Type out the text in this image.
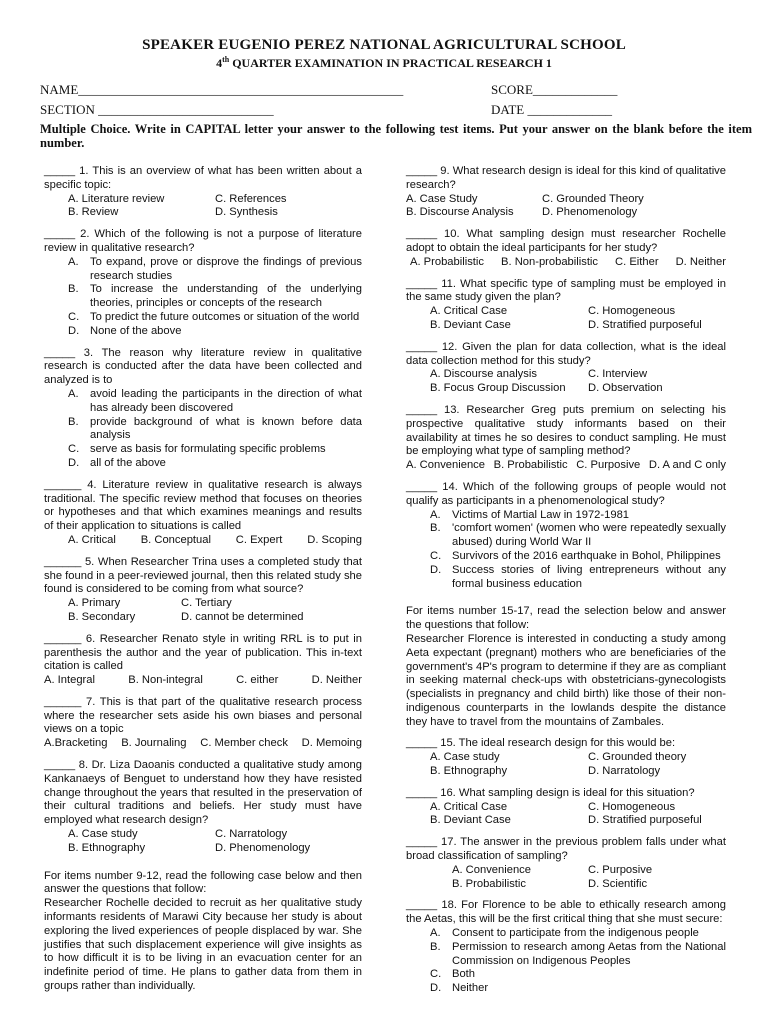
SPEAKER EUGENIO PEREZ NATIONAL AGRICULTURAL SCHOOL
4th QUARTER EXAMINATION IN PRACTICAL RESEARCH 1
NAME__________________________________________________	SCORE_____________
SECTION ___________________________	DATE _____________
Multiple Choice. Write in CAPITAL letter your answer to the following test items. Put your answer on the blank before the item number.
_____ 1. This is an overview of what has been written about a specific topic:
A. Literature review	C. References
B. Review	D. Synthesis
_____ 2. Which of the following is not a purpose of literature review in qualitative research?
A.	To expand, prove or disprove the findings of previous research studies
B.	To increase the understanding of the underlying theories, principles or concepts of the research
C. To predict the future outcomes or situation of the world
D. None of the above
_____ 3. The reason why literature review in qualitative research is conducted after the data have been collected and analyzed is to
A.	avoid leading the participants in the direction of what has already been discovered
B.	provide background of what is known before data analysis
C. serve as basis for formulating specific problems
D. all of the above
______ 4. Literature review in qualitative research is always traditional. The specific review method that focuses on theories or hypotheses and that which examines meanings and results of their application to situations is called
A. Critical B. Conceptual C. Expert D. Scoping
______ 5. When Researcher Trina uses a completed study that she found in a peer-reviewed journal, then this related study she found is considered to be coming from what source?
A. Primary	C. Tertiary
B. Secondary	D. cannot be determined
______ 6. Researcher Renato style in writing RRL is to put in parenthesis the author and the year of publication. This in-text citation is called
A. Integral	B. Non-integral	C. either	D. Neither
______ 7. This is that part of the qualitative research process where the researcher sets aside his own biases and personal views on a topic
A.Bracketing B. Journaling C. Member check D. Memoing
_____ 8. Dr. Liza Daoanis conducted a qualitative study among Kankanaeys of Benguet to understand how they have resisted change throughout the years that resulted in the preservation of their cultural traditions and beliefs. Her study must have employed what research design?
A. Case study	C. Narratology
B. Ethnography	D. Phenomenology
For items number 9-12, read the following case below and then answer the questions that follow:
Researcher Rochelle decided to recruit as her qualitative study informants residents of Marawi City because her study is about exploring the lived experiences of people displaced by war. She justifies that such displacement experience will give insights as to how difficult it is to be living in an evacuation center for an indefinite period of time. He plans to gather data from them in groups rather than individually.
_____ 9. What research design is ideal for this kind of qualitative research?
A. Case Study	C. Grounded Theory
B. Discourse Analysis	D. Phenomenology
_____ 10. What sampling design must researcher Rochelle adopt to obtain the ideal participants for her study?
A. Probabilistic B. Non-probabilistic C. Either D. Neither
_____ 11. What specific type of sampling must be employed in the same study given the plan?
A. Critical Case	C. Homogeneous
B. Deviant Case	D. Stratified purposeful
_____ 12. Given the plan for data collection, what is the ideal data collection method for this study?
A. Discourse analysis	C. Interview
B. Focus Group Discussion	D. Observation
_____ 13. Researcher Greg puts premium on selecting his prospective qualitative study informants based on their availability at times he so desires to conduct sampling. He must be employing what type of sampling method?
A. Convenience B. Probabilistic C. Purposive D. A and C only
_____ 14. Which of the following groups of people would not qualify as participants in a phenomenological study?
A.	Victims of Martial Law in 1972-1981
B.	'comfort women' (women who were repeatedly sexually abused) during World War II
C. Survivors of the 2016 earthquake in Bohol, Philippines
D. Success stories of living entrepreneurs without any formal business education
For items number 15-17, read the selection below and answer the questions that follow:
Researcher Florence is interested in conducting a study among Aeta expectant (pregnant) mothers who are beneficiaries of the government's 4P's program to determine if they are as compliant in seeking maternal check-ups with obstetricians-gynecologists (specialists in pregnancy and child birth) like those of their non-indigenous counterparts in the lowlands despite the distance they have to travel from the mountains of Zambales.
_____ 15. The ideal research design for this would be:
A. Case study	C. Grounded theory
B. Ethnography	D. Narratology
_____ 16. What sampling design is ideal for this situation?
A. Critical Case	C. Homogeneous
B. Deviant Case	D. Stratified purposeful
_____ 17. The answer in the previous problem falls under what broad classification of sampling?
A. Convenience	C. Purposive
B. Probabilistic	D. Scientific
_____ 18. For Florence to be able to ethically research among the Aetas, this will be the first critical thing that she must secure:
A.	Consent to participate from the indigenous people
B.	Permission to research among Aetas from the National Commission on Indigenous Peoples
C. Both
D. Neither
